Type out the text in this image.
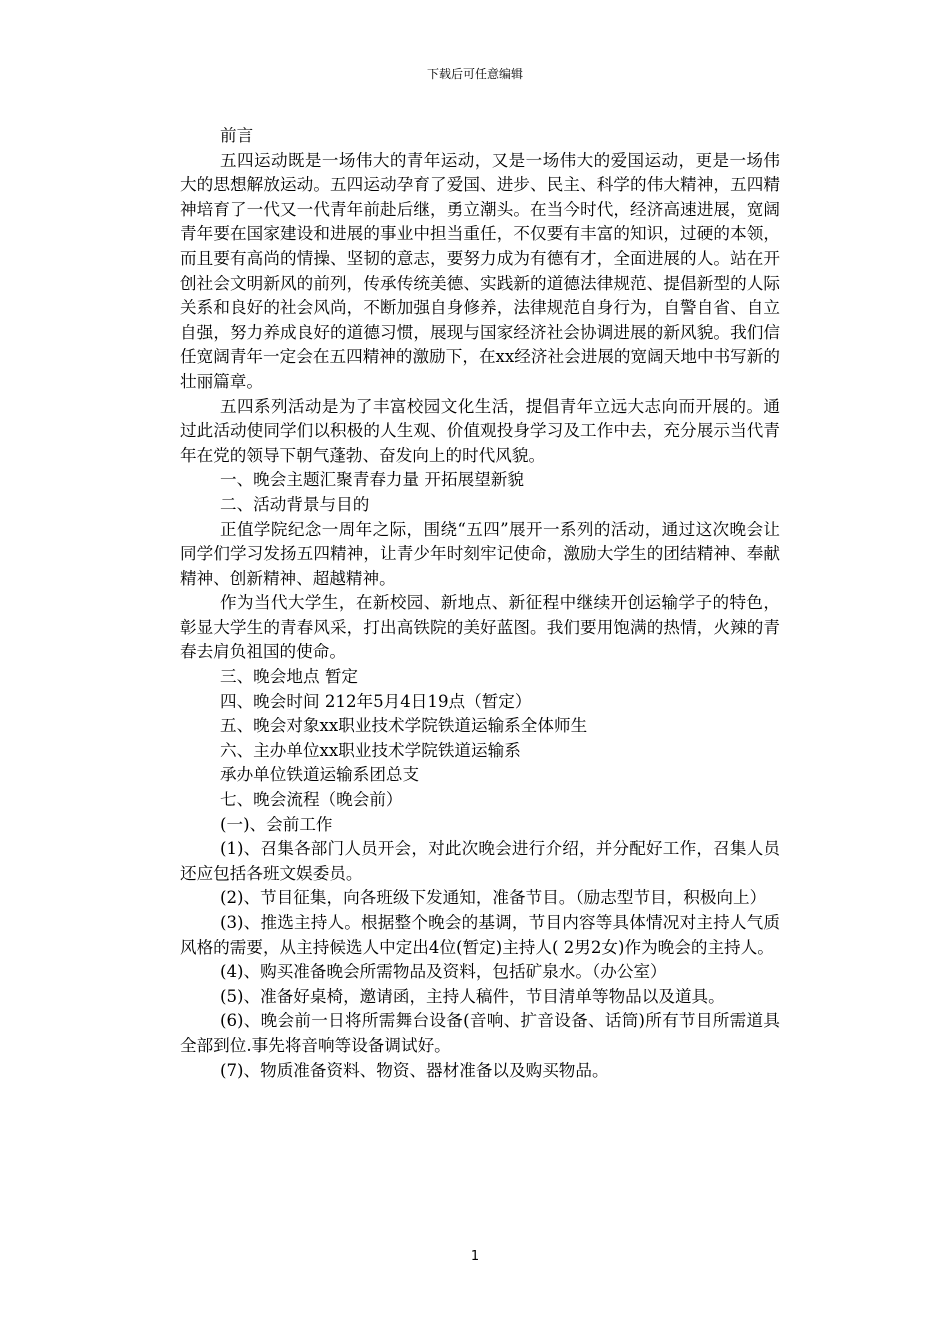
下载后可任意编辑

前言

五四运动既是一场伟大的青年运动，又是一场伟大的爱国运动，更是一场伟大的思想解放运动。五四运动孕育了爱国、进步、民主、科学的伟大精神，五四精神培育了一代又一代青年前赴后继，勇立潮头。在当今时代，经济高速进展，宽阔青年要在国家建设和进展的事业中担当重任，不仅要有丰富的知识，过硬的本领，而且要有高尚的情操、坚韧的意志，要努力成为有德有才，全面进展的人。站在开创社会文明新风的前列，传承传统美德、实践新的道德法律规范、提倡新型的人际关系和良好的社会风尚，不断加强自身修养，法律规范自身行为，自警自省、自立自强，努力养成良好的道德习惯，展现与国家经济社会协调进展的新风貌。我们信任宽阔青年一定会在五四精神的激励下，在xx经济社会进展的宽阔天地中书写新的壮丽篇章。

五四系列活动是为了丰富校园文化生活，提倡青年立远大志向而开展的。通过此活动使同学们以积极的人生观、价值观投身学习及工作中去，充分展示当代青年在党的领导下朝气蓬勃、奋发向上的时代风貌。

一、晚会主题汇聚青春力量 开拓展望新貌

二、活动背景与目的

正值学院纪念一周年之际，围绕“五四”展开一系列的活动，通过这次晚会让同学们学习发扬五四精神，让青少年时刻牢记使命，激励大学生的团结精神、奉献精神、创新精神、超越精神。

作为当代大学生，在新校园、新地点、新征程中继续开创运输学子的特色，彰显大学生的青春风采，打出高铁院的美好蓝图。我们要用饱满的热情，火辣的青春去肩负祖国的使命。

三、晚会地点 暂定

四、晚会时间 212年5月4日19点（暂定）

五、晚会对象xx职业技术学院铁道运输系全体师生

六、主办单位xx职业技术学院铁道运输系

承办单位铁道运输系团总支

七、晚会流程（晚会前）

(一)、会前工作

(1)、召集各部门人员开会，对此次晚会进行介绍，并分配好工作，召集人员还应包括各班文娱委员。

(2)、节目征集，向各班级下发通知，准备节目。（励志型节目，积极向上）

(3)、推选主持人。根据整个晚会的基调，节目内容等具体情况对主持人气质风格的需要，从主持候选人中定出4位(暂定)主持人( 2男2女)作为晚会的主持人。

(4)、购买准备晚会所需物品及资料，包括矿泉水。（办公室）

(5)、准备好桌椅，邀请函，主持人稿件，节目清单等物品以及道具。

(6)、晚会前一日将所需舞台设备(音响、扩音设备、话筒)所有节目所需道具全部到位.事先将音响等设备调试好。

(7)、物质准备资料、物资、器材准备以及购买物品。

1
